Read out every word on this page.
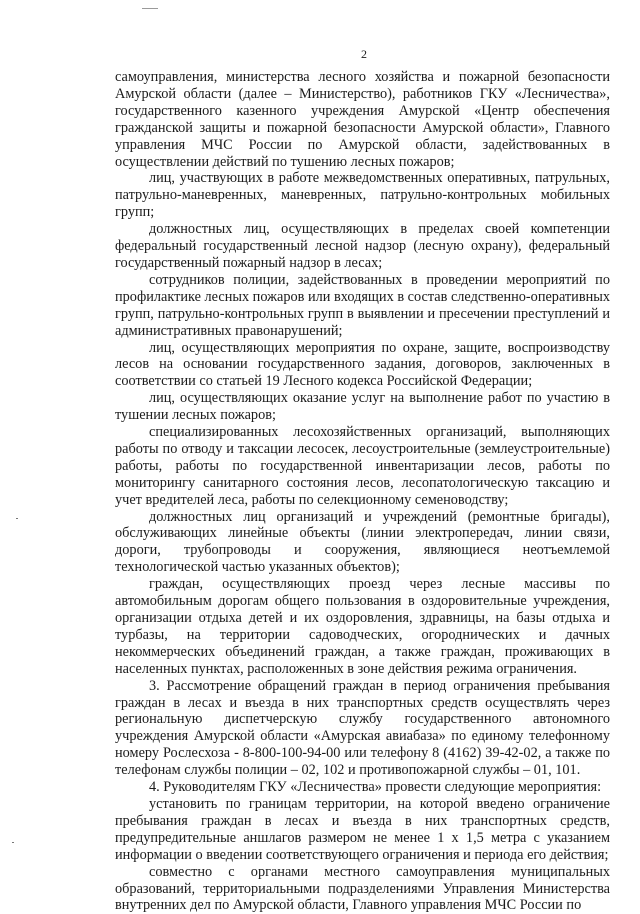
2

самоуправления, министерства лесного хозяйства и пожарной безопасности Амурской области (далее – Министерство), работников ГКУ «Лесничества», государственного казенного учреждения Амурской «Центр обеспечения гражданской защиты и пожарной безопасности Амурской области», Главного управления МЧС России по Амурской области, задействованных в осуществлении действий по тушению лесных пожаров;

лиц, участвующих в работе межведомственных оперативных, патрульных, патрульно-маневренных, маневренных, патрульно-контрольных мобильных групп;

должностных лиц, осуществляющих в пределах своей компетенции федеральный государственный лесной надзор (лесную охрану), федеральный государственный пожарный надзор в лесах;

сотрудников полиции, задействованных в проведении мероприятий по профилактике лесных пожаров или входящих в состав следственно-оперативных групп, патрульно-контрольных групп в выявлении и пресечении преступлений и административных правонарушений;

лиц, осуществляющих мероприятия по охране, защите, воспроизводству лесов на основании государственного задания, договоров, заключенных в соответствии со статьей 19 Лесного кодекса Российской Федерации;

лиц, осуществляющих оказание услуг на выполнение работ по участию в тушении лесных пожаров;

специализированных лесохозяйственных организаций, выполняющих работы по отводу и таксации лесосек, лесоустроительные (землеустроительные) работы, работы по государственной инвентаризации лесов, работы по мониторингу санитарного состояния лесов, лесопатологическую таксацию и учет вредителей леса, работы по селекционному семеноводству;

должностных лиц организаций и учреждений (ремонтные бригады), обслуживающих линейные объекты (линии электропередач, линии связи, дороги, трубопроводы и сооружения, являющиеся неотъемлемой технологической частью указанных объектов);

граждан, осуществляющих проезд через лесные массивы по автомобильным дорогам общего пользования в оздоровительные учреждения, организации отдыха детей и их оздоровления, здравницы, на базы отдыха и турбазы, на территории садоводческих, огороднических и дачных некоммерческих объединений граждан, а также граждан, проживающих в населенных пунктах, расположенных в зоне действия режима ограничения.

3. Рассмотрение обращений граждан в период ограничения пребывания граждан в лесах и въезда в них транспортных средств осуществлять через региональную диспетчерскую службу государственного автономного учреждения Амурской области «Амурская авиабаза» по единому телефонному номеру Рослесхоза - 8-800-100-94-00 или телефону 8 (4162) 39-42-02, а также по телефонам службы полиции – 02, 102 и противопожарной службы – 01, 101.

4. Руководителям ГКУ «Лесничества» провести следующие мероприятия:

установить по границам территории, на которой введено ограничение пребывания граждан в лесах и въезда в них транспортных средств, предупредительные аншлагов размером не менее 1 х 1,5 метра с указанием информации о введении соответствующего ограничения и периода его действия;

совместно с органами местного самоуправления муниципальных образований, территориальными подразделениями Управления Министерства внутренних дел по Амурской области, Главного управления МЧС России по
